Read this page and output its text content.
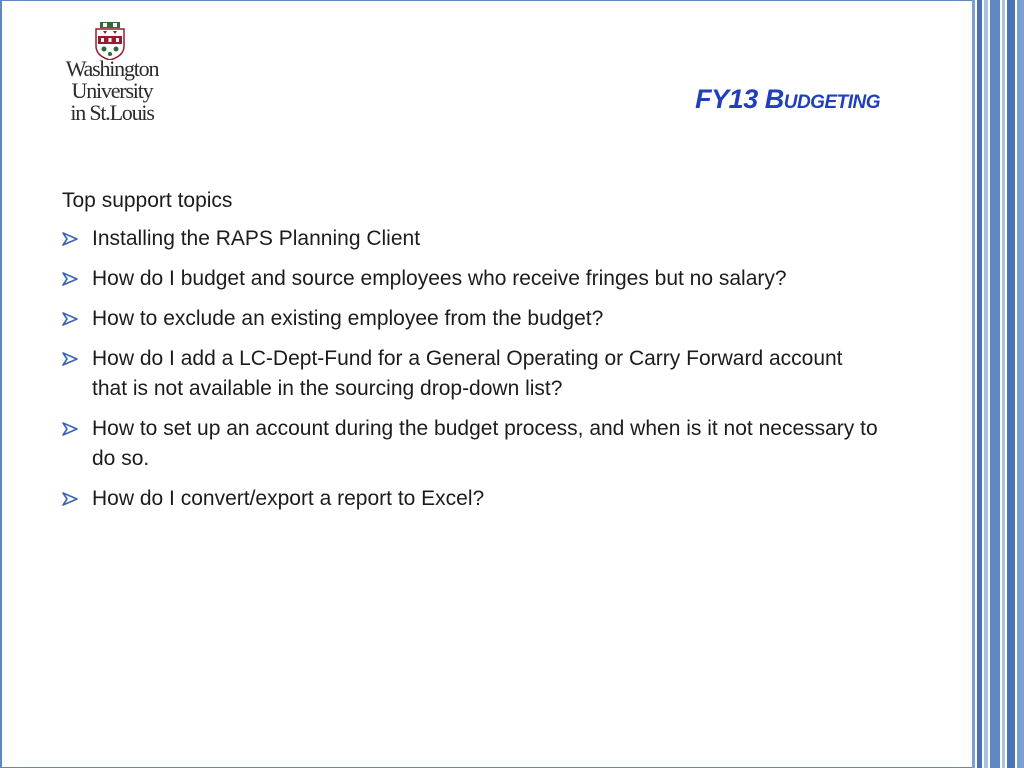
Washington
University
in St.Louis	FY13 BUDGETING
Top support topics
Installing the RAPS Planning Client
How do I budget and source employees who receive fringes but no salary?
How to exclude an existing employee from the budget?
How do I add a LC-Dept-Fund for a General Operating or Carry Forward account that is not available in the sourcing drop-down list?
How to set up an account during the budget process, and when is it not necessary to do so.
How do I convert/export a report to Excel?
